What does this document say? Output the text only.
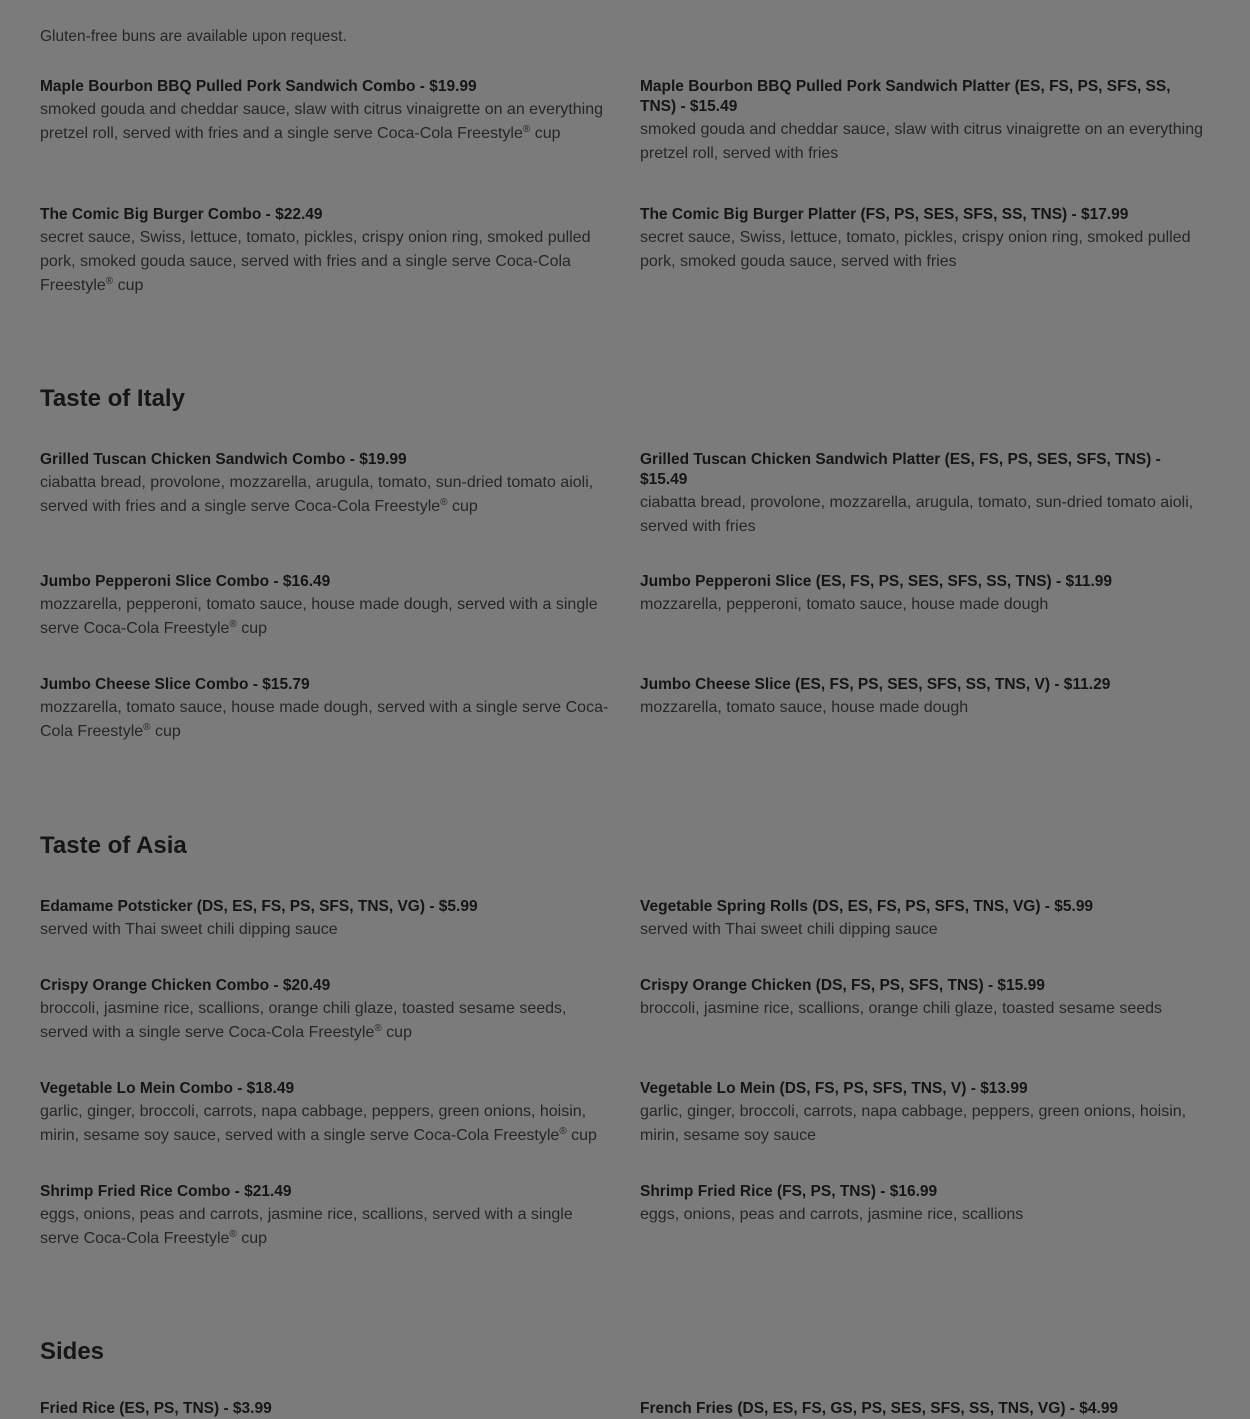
Gluten-free buns are available upon request.
Maple Bourbon BBQ Pulled Pork Sandwich Combo - $19.99
smoked gouda and cheddar sauce, slaw with citrus vinaigrette on an everything pretzel roll, served with fries and a single serve Coca-Cola Freestyle® cup
Maple Bourbon BBQ Pulled Pork Sandwich Platter (ES, FS, PS, SFS, SS, TNS) - $15.49
smoked gouda and cheddar sauce, slaw with citrus vinaigrette on an everything pretzel roll, served with fries
The Comic Big Burger Combo - $22.49
secret sauce, Swiss, lettuce, tomato, pickles, crispy onion ring, smoked pulled pork, smoked gouda sauce, served with fries and a single serve Coca-Cola Freestyle® cup
The Comic Big Burger Platter (FS, PS, SES, SFS, SS, TNS) - $17.99
secret sauce, Swiss, lettuce, tomato, pickles, crispy onion ring, smoked pulled pork, smoked gouda sauce, served with fries
Taste of Italy
Grilled Tuscan Chicken Sandwich Combo - $19.99
ciabatta bread, provolone, mozzarella, arugula, tomato, sun-dried tomato aioli, served with fries and a single serve Coca-Cola Freestyle® cup
Grilled Tuscan Chicken Sandwich Platter (ES, FS, PS, SES, SFS, TNS) - $15.49
ciabatta bread, provolone, mozzarella, arugula, tomato, sun-dried tomato aioli, served with fries
Jumbo Pepperoni Slice Combo - $16.49
mozzarella, pepperoni, tomato sauce, house made dough, served with a single serve Coca-Cola Freestyle® cup
Jumbo Pepperoni Slice (ES, FS, PS, SES, SFS, SS, TNS) - $11.99
mozzarella, pepperoni, tomato sauce, house made dough
Jumbo Cheese Slice Combo - $15.79
mozzarella, tomato sauce, house made dough, served with a single serve Coca-Cola Freestyle® cup
Jumbo Cheese Slice (ES, FS, PS, SES, SFS, SS, TNS, V) - $11.29
mozzarella, tomato sauce, house made dough
Taste of Asia
Edamame Potsticker (DS, ES, FS, PS, SFS, TNS, VG) - $5.99
served with Thai sweet chili dipping sauce
Vegetable Spring Rolls (DS, ES, FS, PS, SFS, TNS, VG) - $5.99
served with Thai sweet chili dipping sauce
Crispy Orange Chicken Combo - $20.49
broccoli, jasmine rice, scallions, orange chili glaze, toasted sesame seeds, served with a single serve Coca-Cola Freestyle® cup
Crispy Orange Chicken (DS, FS, PS, SFS, TNS) - $15.99
broccoli, jasmine rice, scallions, orange chili glaze, toasted sesame seeds
Vegetable Lo Mein Combo - $18.49
garlic, ginger, broccoli, carrots, napa cabbage, peppers, green onions, hoisin, mirin, sesame soy sauce, served with a single serve Coca-Cola Freestyle® cup
Vegetable Lo Mein (DS, FS, PS, SFS, TNS, V) - $13.99
garlic, ginger, broccoli, carrots, napa cabbage, peppers, green onions, hoisin, mirin, sesame soy sauce
Shrimp Fried Rice Combo - $21.49
eggs, onions, peas and carrots, jasmine rice, scallions, served with a single serve Coca-Cola Freestyle® cup
Shrimp Fried Rice (FS, PS, TNS) - $16.99
eggs, onions, peas and carrots, jasmine rice, scallions
Sides
Fried Rice (ES, PS, TNS) - $3.99	French Fries (DS, ES, FS, GS, PS, SES, SFS, SS, TNS, VG) - $4.99
